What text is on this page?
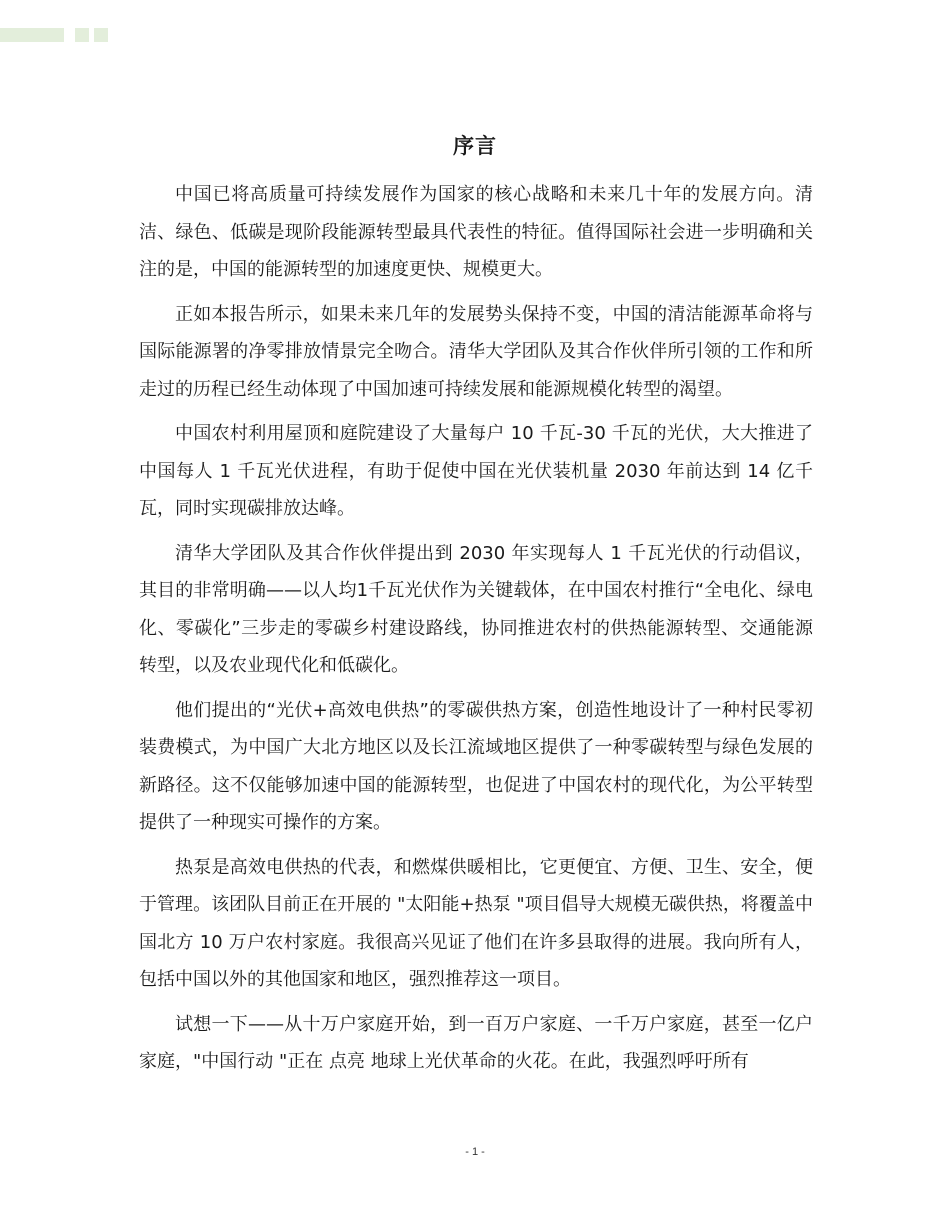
序言

中国已将高质量可持续发展作为国家的核心战略和未来几十年的发展方向。清洁、绿色、低碳是现阶段能源转型最具代表性的特征。值得国际社会进一步明确和关注的是，中国的能源转型的加速度更快、规模更大。

正如本报告所示，如果未来几年的发展势头保持不变，中国的清洁能源革命将与国际能源署的净零排放情景完全吻合。清华大学团队及其合作伙伴所引领的工作和所走过的历程已经生动体现了中国加速可持续发展和能源规模化转型的渴望。

中国农村利用屋顶和庭院建设了大量每户 10 千瓦-30 千瓦的光伏，大大推进了中国每人 1 千瓦光伏进程，有助于促使中国在光伏装机量 2030 年前达到 14 亿千瓦，同时实现碳排放达峰。

清华大学团队及其合作伙伴提出到 2030 年实现每人 1 千瓦光伏的行动倡议，其目的非常明确——以人均1千瓦光伏作为关键载体，在中国农村推行“全电化、绿电化、零碳化”三步走的零碳乡村建设路线，协同推进农村的供热能源转型、交通能源转型，以及农业现代化和低碳化。

他们提出的“光伏+高效电供热”的零碳供热方案，创造性地设计了一种村民零初装费模式，为中国广大北方地区以及长江流域地区提供了一种零碳转型与绿色发展的新路径。这不仅能够加速中国的能源转型，也促进了中国农村的现代化，为公平转型提供了一种现实可操作的方案。

热泵是高效电供热的代表，和燃煤供暖相比，它更便宜、方便、卫生、安全，便于管理。该团队目前正在开展的 "太阳能+热泵 "项目倡导大规模无碳供热，将覆盖中国北方 10 万户农村家庭。我很高兴见证了他们在许多县取得的进展。我向所有人，包括中国以外的其他国家和地区，强烈推荐这一项目。

试想一下——从十万户家庭开始，到一百万户家庭、一千万户家庭，甚至一亿户家庭，"中国行动 "正在 点亮 地球上光伏革命的火花。在此，我强烈呼吁所有

- 1 -
